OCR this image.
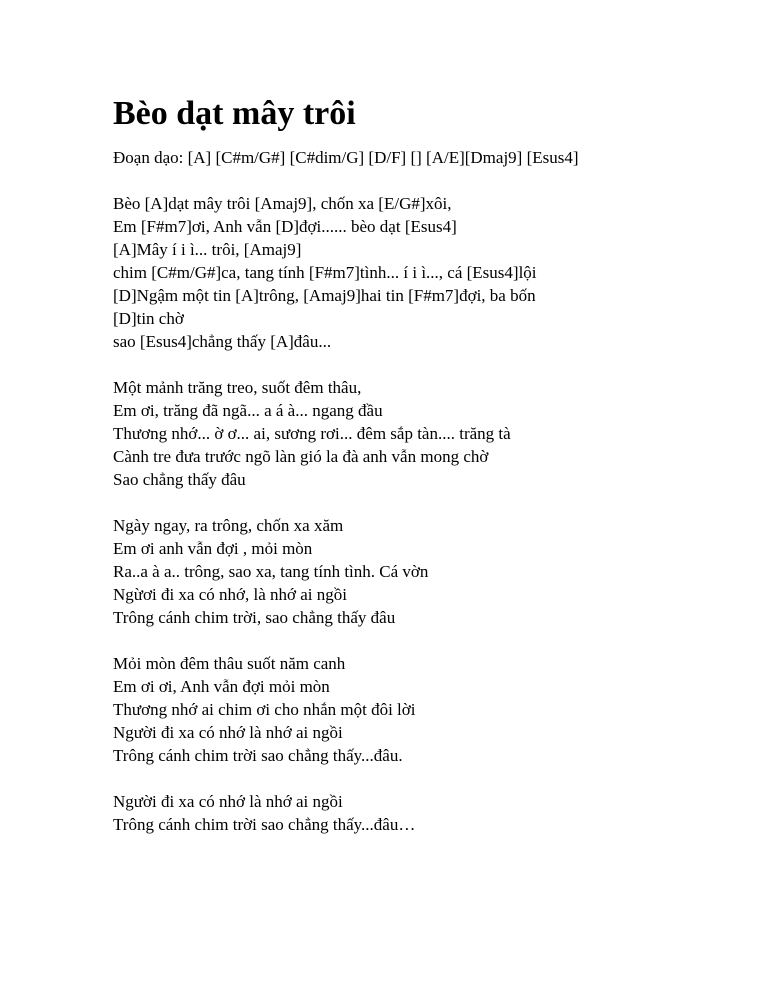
Bèo dạt mây trôi
Đoạn dạo: [A] [C#m/G#] [C#dim/G] [D/F] [] [A/E][Dmaj9] [Esus4]
Bèo [A]dạt mây trôi [Amaj9], chốn xa [E/G#]xôi,
Em [F#m7]ơi, Anh vẫn [D]đợi...... bèo dạt [Esus4]
[A]Mây í i ì... trôi, [Amaj9]
chim [C#m/G#]ca, tang tính [F#m7]tình... í i ì..., cá [Esus4]lội
[D]Ngậm một tin [A]trông, [Amaj9]hai tin [F#m7]đợi, ba bốn
[D]tin chờ
sao [Esus4]chẳng thấy [A]đâu...
Một mảnh trăng treo, suốt đêm thâu,
Em ơi, trăng đã ngã... a á à... ngang đầu
Thương nhớ... ờ ơ... ai, sương rơi... đêm sắp tàn.... trăng tà
Cành tre đưa trước ngõ làn gió la đà anh vẫn mong chờ
Sao chẳng thấy đâu
Ngày ngay, ra trông, chốn xa xăm
Em ơi anh vẫn đợi , mỏi mòn
Ra..a à a.. trông, sao xa, tang tính tình. Cá vờn
Ngừơi đi xa có nhớ, là nhớ ai ngồi
Trông cánh chim trời, sao chẳng thấy đâu
Mỏi mòn đêm thâu suốt năm canh
Em ơi ơi, Anh vẫn đợi mỏi mòn
Thương nhớ ai chim ơi cho nhắn một đôi lời
Người đi xa có nhớ là nhớ ai ngồi
Trông cánh chim trời sao chẳng thấy...đâu.
Người đi xa có nhớ là nhớ ai ngồi
Trông cánh chim trời sao chẳng thấy...đâu…
